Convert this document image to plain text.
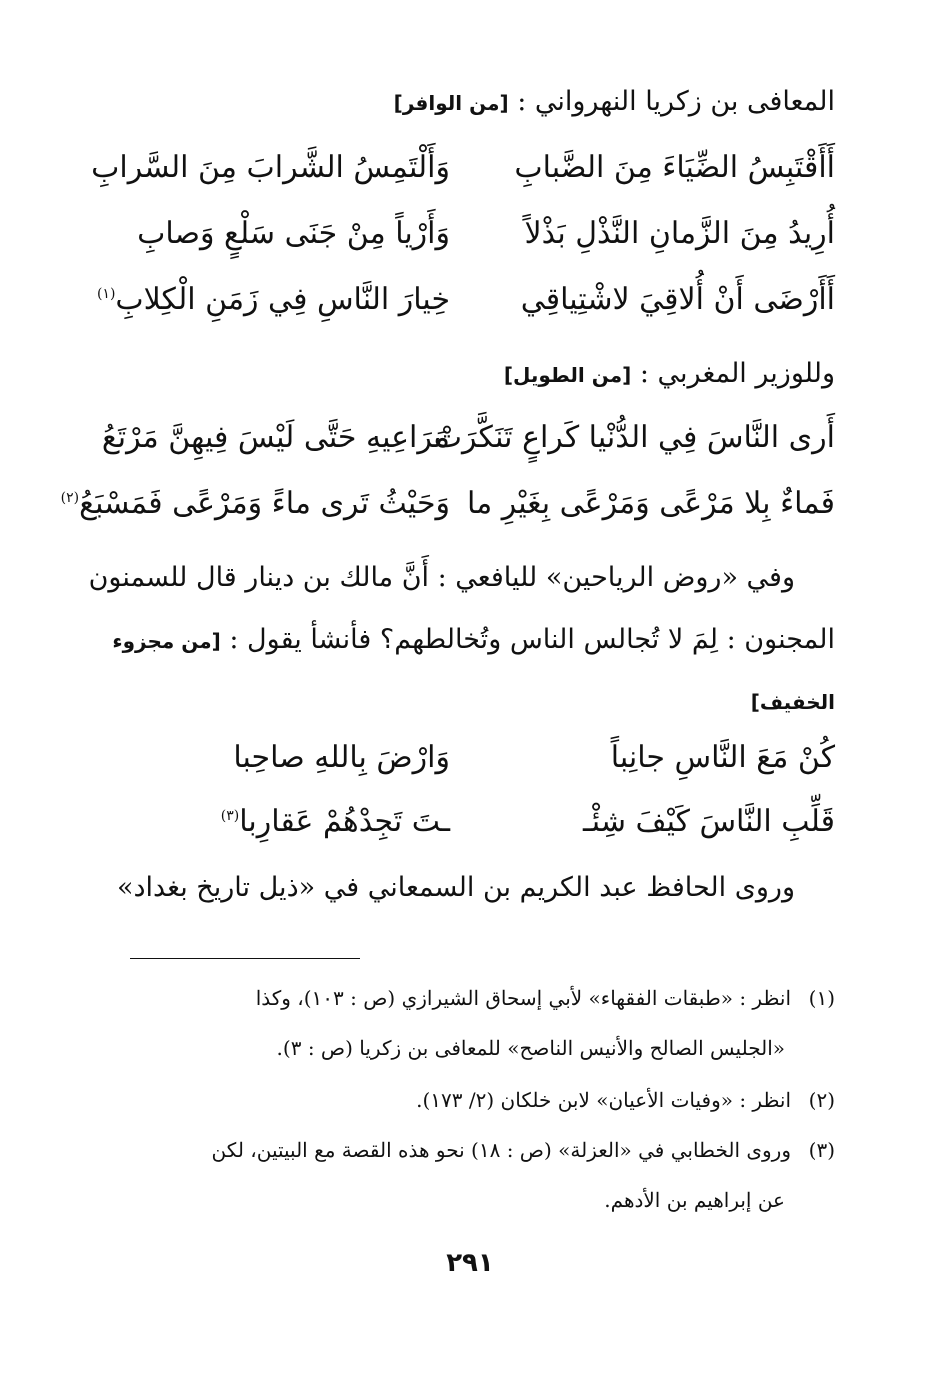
المعافى بن زكريا النهرواني : [من الوافر]
أَأَقْتَبِسُ الضِّيَاءَ مِنَ الضَّبابِ
وَأَلْتَمِسُ الشَّرابَ مِنَ السَّرابِ
أُرِيدُ مِنَ الزَّمانِ النَّذْلِ بَذْلاً
وَأَرْياً مِنْ جَنَى سَلْعٍ وَصابِ
أَأَرْضَى أَنْ أُلاقِيَ لاشْتِياقِي
خِيارَ النَّاسِ فِي زَمَنِ الْكِلابِ$^{(١)}$
وللوزير المغربي : [من الطويل]
أَرى النَّاسَ فِي الدُّنْيا كَراعٍ تَنَكَّرَتْ
مَرَاعِيهِ حَتَّى لَيْسَ فِيهِنَّ مَرْتَعُ
فَماءٌ بِلا مَرْعًى وَمَرْعًى بِغَيْرِ ما
وَحَيْثُ تَرى ماءً وَمَرْعًى فَمَسْبَعُ$^{(٢)}$
وفي «روض الرياحين» لليافعي : أَنَّ مالك بن دينار قال للسمنون
المجنون : لِمَ لا تُجالس الناس وتُخالطهم؟ فأنشأ يقول : [من مجزوء
الخفيف]
كُنْ مَعَ النَّاسِ جانِباً
وَارْضَ بِاللهِ صاحِبا
قَلِّبِ النَّاسَ كَيْفَ شِئْـ
ـتَ تَجِدْهُمْ عَقارِبا$^{(٣)}$
وروى الحافظ عبد الكريم بن السمعاني في «ذيل تاريخ بغداد»
(١)انظر : «طبقات الفقهاء» لأبي إسحاق الشيرازي (ص : ١٠٣)، وكذا
«الجليس الصالح والأنيس الناصح» للمعافى بن زكريا (ص : ٣).
(٢)انظر : «وفيات الأعيان» لابن خلكان (٢/ ١٧٣).
(٣)وروى الخطابي في «العزلة» (ص : ١٨) نحو هذه القصة مع البيتين، لكن
عن إبراهيم بن الأدهم.
٢٩١
